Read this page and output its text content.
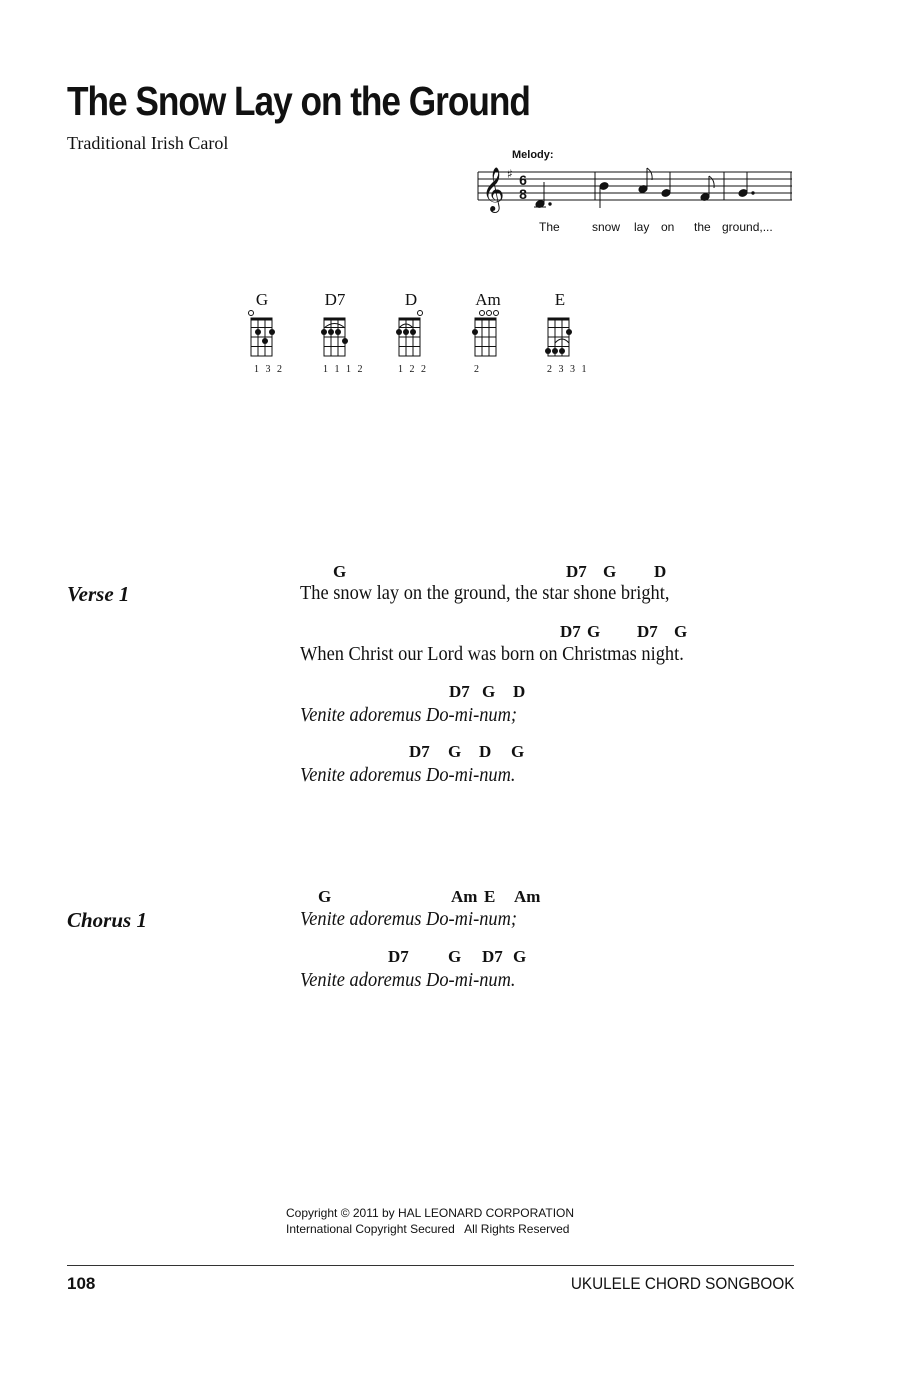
The Snow Lay on the Ground
Traditional Irish Carol
Melody:
𝄞 ♯ 6
8
The	snow lay on the ground,...
G
1 3 2
D7
1 1 1 2
D
1 2 2
Am
2
E
2 3 3 1
Verse 1
G	D7 G D
The snow lay on the ground, the star shone bright,
D7 G D7 G
When Christ our Lord was born on Christmas night.
D7 G D
Venite adoremus Do-mi-num;
D7 G D G
Venite adoremus Do-mi-num.
Chorus 1
G	Am E Am
Venite adoremus Do-mi-num;
D7 G D7 G
Venite adoremus Do-mi-num.
Copyright © 2011 by HAL LEONARD CORPORATION
International Copyright Secured   All Rights Reserved
108	UKULELE CHORD SONGBOOK
